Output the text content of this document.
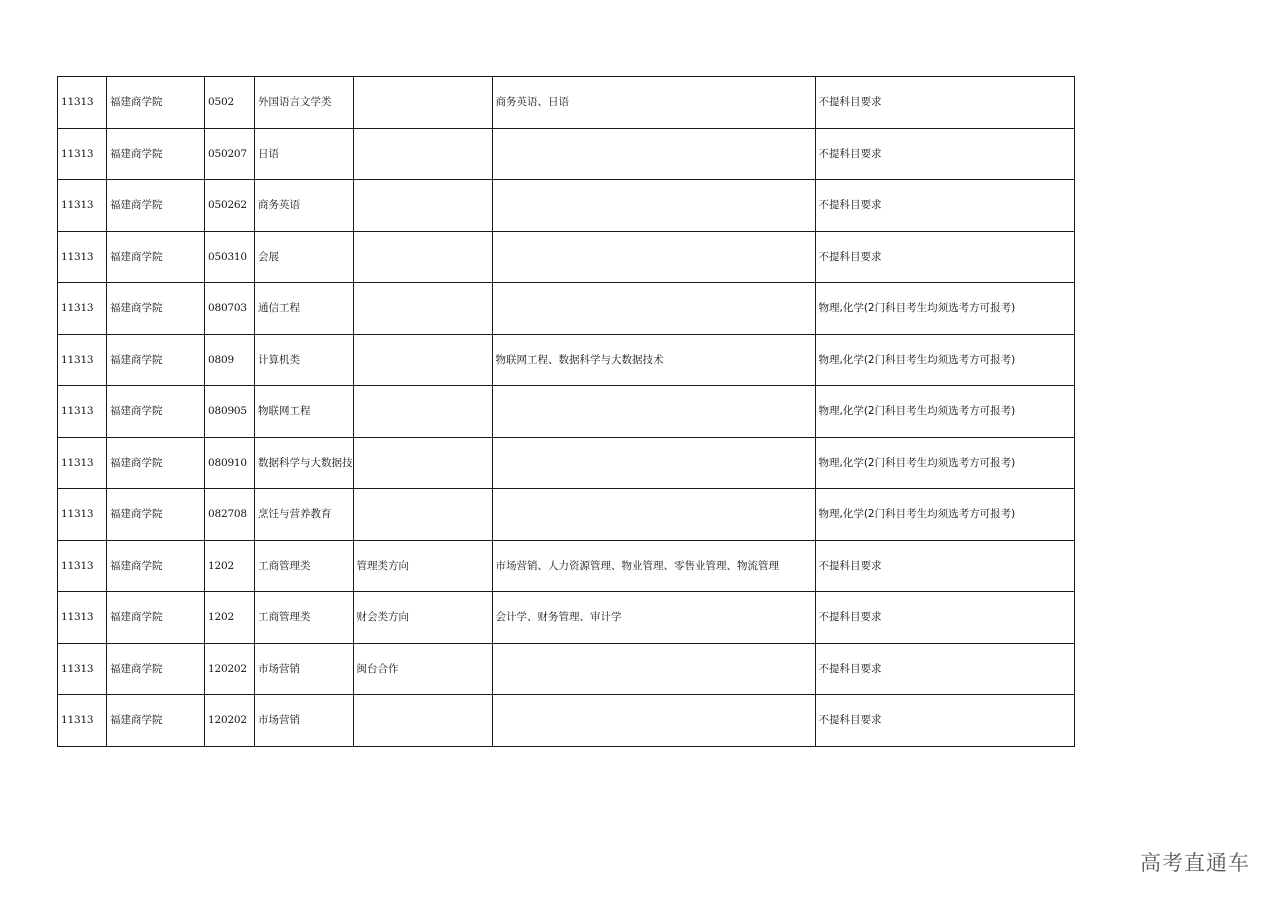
11313	福建商学院	0502	外国语言文学类		商务英语、日语	不提科目要求
11313	福建商学院	050207	日语			不提科目要求
11313	福建商学院	050262	商务英语			不提科目要求
11313	福建商学院	050310	会展			不提科目要求
11313	福建商学院	080703	通信工程			物理,化学(2门科目考生均须选考方可报考)
11313	福建商学院	0809	计算机类		物联网工程、数据科学与大数据技术	物理,化学(2门科目考生均须选考方可报考)
11313	福建商学院	080905	物联网工程			物理,化学(2门科目考生均须选考方可报考)
11313	福建商学院	080910	数据科学与大数据技			物理,化学(2门科目考生均须选考方可报考)
11313	福建商学院	082708	烹饪与营养教育			物理,化学(2门科目考生均须选考方可报考)
11313	福建商学院	1202	工商管理类	管理类方向	市场营销、人力资源管理、物业管理、零售业管理、物流管理	不提科目要求
11313	福建商学院	1202	工商管理类	财会类方向	会计学、财务管理、审计学	不提科目要求
11313	福建商学院	120202	市场营销	闽台合作		不提科目要求
11313	福建商学院	120202	市场营销			不提科目要求
高考直通车
